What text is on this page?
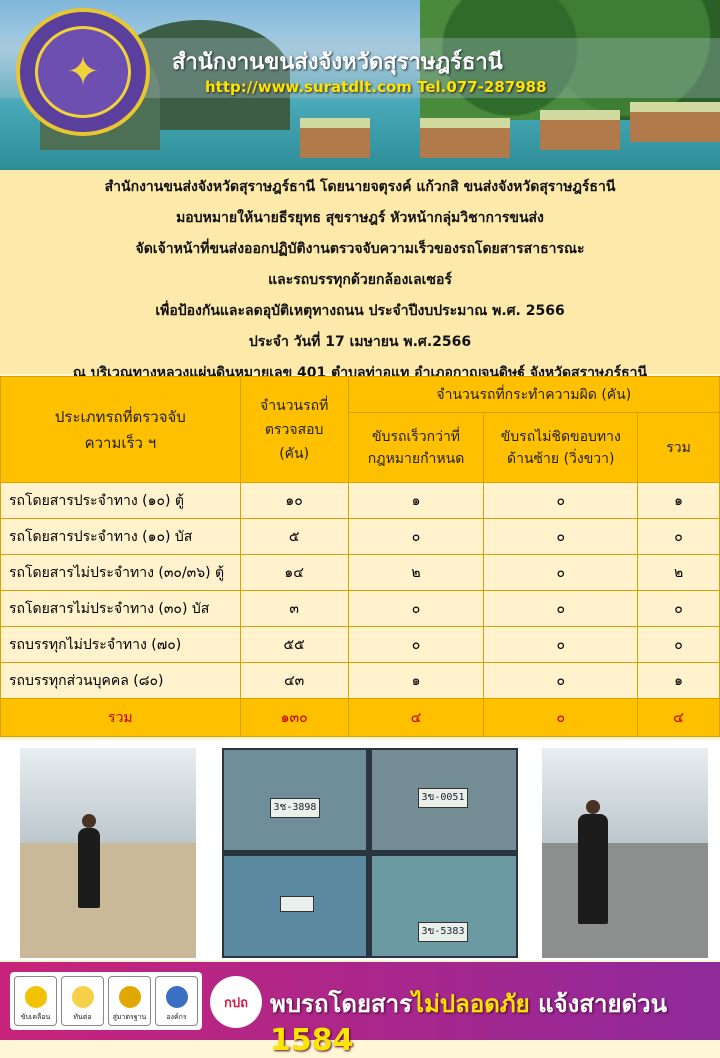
✦	สำนักงานขนส่งจังหวัดสุราษฎร์ธานี
http://www.suratdlt.com Tel.077-287988
สำนักงานขนส่งจังหวัดสุราษฎร์ธานี โดยนายจตุรงค์ แก้วกสิ ขนส่งจังหวัดสุราษฎร์ธานี
มอบหมายให้นายธีรยุทธ สุขราษฎร์ หัวหน้ากลุ่มวิชาการขนส่ง
จัดเจ้าหน้าที่ขนส่งออกปฏิบัติงานตรวจจับความเร็วของรถโดยสารสาธารณะ
และรถบรรทุกด้วยกล้องเลเซอร์
เพื่อป้องกันและลดอุบัติเหตุทางถนน ประจำปีงบประมาณ พ.ศ. 2566
ประจำ วันที่ 17 เมษายน พ.ศ.2566
ณ บริเวณทางหลวงแผ่นดินหมายเลข 401 ตำบลท่าอุแท อำเภอกาญจนดิษฐ์ จังหวัดสุราษฎร์ธานี
ประเภทรถที่ตรวจจับความเร็ว ฯ	จำนวนรถที่ตรวจสอบ (คัน)	จำนวนรถที่กระทำความผิด (คัน)		
		ขับรถเร็วกว่าที่กฎหมายกำหนด	ขับรถไม่ชิดขอบทางด้านซ้าย (วิ่งขวา)	รวม
รถโดยสารประจำทาง (๑๐) ตู้	๑๐	๑	๐	๑
รถโดยสารประจำทาง (๑๐) บัส	๕	๐	๐	๐
รถโดยสารไม่ประจำทาง (๓๐/๓๖) ตู้	๑๔	๒	๐	๒
รถโดยสารไม่ประจำทาง (๓๐) บัส	๓	๐	๐	๐
รถบรรทุกไม่ประจำทาง (๗๐)	๕๕	๐	๐	๐
รถบรรทุกส่วนบุคคล (๘๐)	๔๓	๑	๐	๑
รวม	๑๓๐	๔	๐	๔
3ช-3898
3ข-0051
3ข-5383
ขับเคลื่อน	ทันต่อ	สู่มาตรฐาน	องค์กร
กปถ พบรถโดยสารไม่ปลอดภัย แจ้งสายด่วน 1584
